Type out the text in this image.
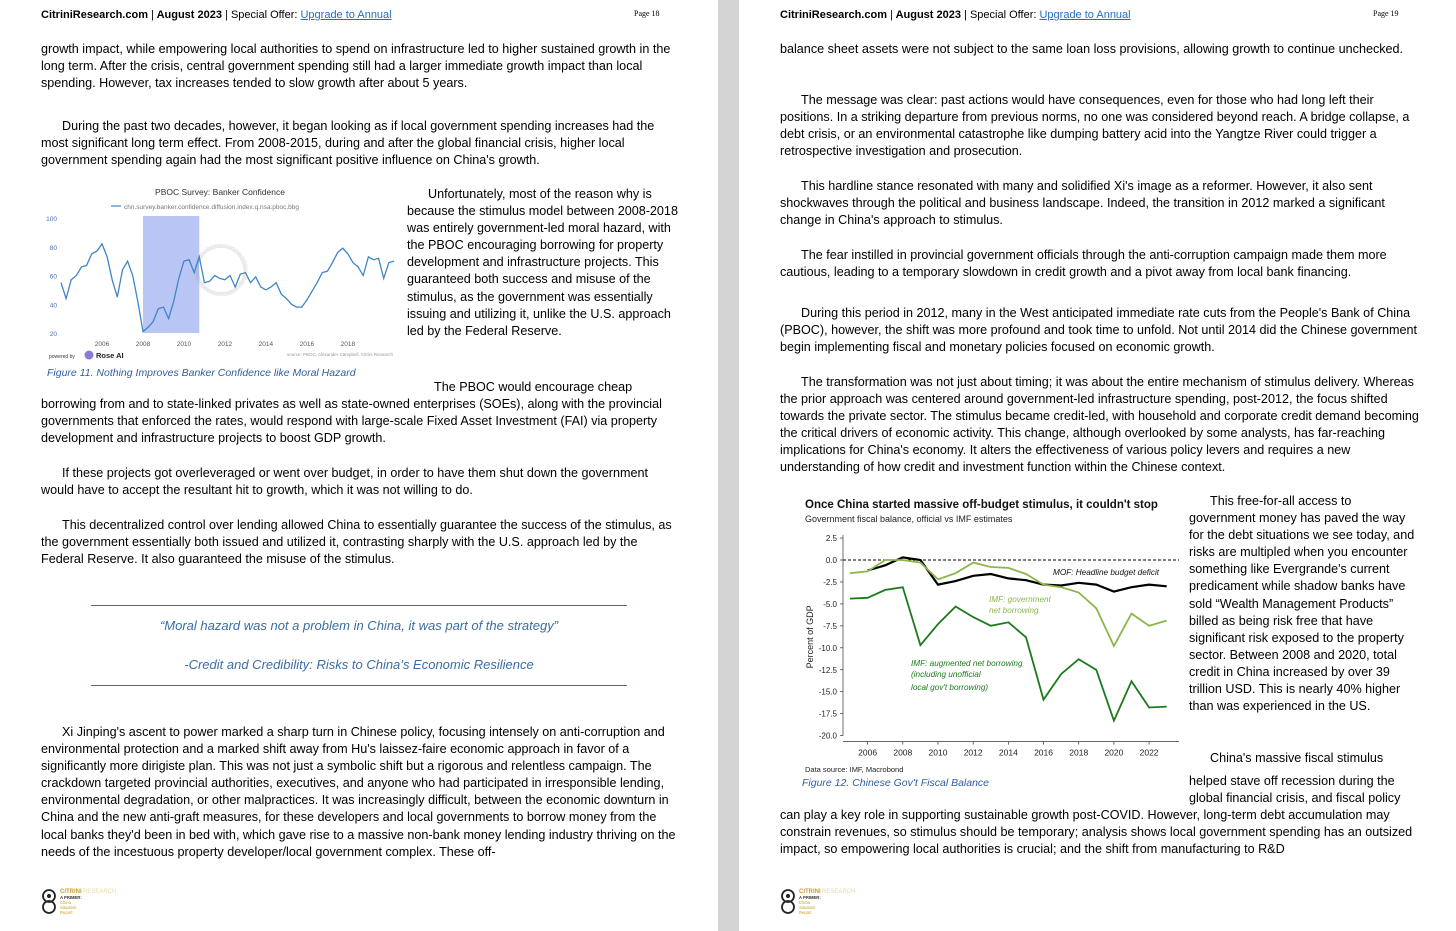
CitriniResearch.com | August 2023 | Special Offer: Upgrade to Annual	Page 18
growth impact, while empowering local authorities to spend on infrastructure led to higher sustained growth in the long term. After the crisis, central government spending still had a larger immediate growth impact than local spending. However, tax increases tended to slow growth after about 5 years.
During the past two decades, however, it began looking as if local government spending increases had the most significant long term effect. From 2008-2015, during and after the global financial crisis, higher local government spending again had the most significant positive influence on China's growth.
PBOC Survey: Banker Confidence
chn.survey.banker.confidence.diffusion.index.q.nsa.pboc.bbg
20
40
60
80
100
2006	2008	2010	2012	2014	2016	2018
powered by	Rose AI	source: PBOC, Alexander Campbell, Citrini Research
Figure 11. Nothing Improves Banker Confidence like Moral Hazard
Unfortunately, most of the reason why is because the stimulus model between 2008-2018 was entirely government-led moral hazard, with the PBOC encouraging borrowing for property development and infrastructure projects. This guaranteed both success and misuse of the stimulus, as the government was essentially issuing and utilizing it, unlike the U.S. approach led by the Federal Reserve.
The PBOC would encourage cheap borrowing from and to state-linked privates as well as state-owned enterprises (SOEs), along with the provincial governments that enforced the rates, would respond with large-scale Fixed Asset Investment (FAI) via property development and infrastructure projects to boost GDP growth.
If these projects got overleveraged or went over budget, in order to have them shut down the government would have to accept the resultant hit to growth, which it was not willing to do.
This decentralized control over lending allowed China to essentially guarantee the success of the stimulus, as the government essentially both issued and utilized it, contrasting sharply with the U.S. approach led by the Federal Reserve. It also guaranteed the misuse of the stimulus.
“Moral hazard was not a problem in China, it was part of the strategy”
-Credit and Credibility: Risks to China’s Economic Resilience
Xi Jinping's ascent to power marked a sharp turn in Chinese policy, focusing intensely on anti-corruption and environmental protection and a marked shift away from Hu's laissez-faire economic approach in favor of a significantly more dirigiste plan. This was not just a symbolic shift but a rigorous and relentless campaign. The crackdown targeted provincial authorities, executives, and anyone who had participated in irresponsible lending, environmental degradation, or other malpractices. It was increasingly difficult, between the economic downturn in China and the new anti-graft measures, for these developers and local governments to borrow money from the local banks they'd been in bed with, which gave rise to a massive non-bank money lending industry thriving on the needs of the incestuous property developer/local government complex. These off-
CITRINI RESEARCH
A PRIMER:
China
Situation
Report
CitriniResearch.com | August 2023 | Special Offer: Upgrade to Annual	Page 19
balance sheet assets were not subject to the same loan loss provisions, allowing growth to continue unchecked.
The message was clear: past actions would have consequences, even for those who had long left their positions. In a striking departure from previous norms, no one was considered beyond reach. A bridge collapse, a debt crisis, or an environmental catastrophe like dumping battery acid into the Yangtze River could trigger a retrospective investigation and prosecution.
This hardline stance resonated with many and solidified Xi's image as a reformer. However, it also sent shockwaves through the political and business landscape. Indeed, the transition in 2012 marked a significant change in China's approach to stimulus.
The fear instilled in provincial government officials through the anti-corruption campaign made them more cautious, leading to a temporary slowdown in credit growth and a pivot away from local bank financing.
During this period in 2012, many in the West anticipated immediate rate cuts from the People's Bank of China (PBOC), however, the shift was more profound and took time to unfold. Not until 2014 did the Chinese government begin implementing fiscal and monetary policies focused on economic growth.
The transformation was not just about timing; it was about the entire mechanism of stimulus delivery. Whereas the prior approach was centered around government-led infrastructure spending, post-2012, the focus shifted towards the private sector. The stimulus became credit-led, with household and corporate credit demand becoming the critical drivers of economic activity. This change, although overlooked by some analysts, has far-reaching implications for China's economy. It alters the effectiveness of various policy levers and requires a new understanding of how credit and investment function within the Chinese context.
Once China started massive off-budget stimulus, it couldn't stop
Government fiscal balance, official vs IMF estimates
2.5
0.0
-2.5
-5.0
-7.5
-10.0
-12.5
-15.0
-17.5
-20.0
2006 2008 2010 2012 2014 2016 2018 2020 2022
Percent of GDP
MOF: Headline budget deficit
IMF: government
net borrowing
IMF: augmented net borrowing
(including unofficial
local gov't borrowing)
Data source: IMF, Macrobond
Figure 12. Chinese Gov't Fiscal Balance
This free-for-all access to government money has paved the way for the debt situations we see today, and risks are multipled when you encounter something like Evergrande's current predicament while shadow banks have sold “Wealth Management Products” billed as being risk free that have significant risk exposed to the property sector. Between 2008 and 2020, total credit in China increased by over 39 trillion USD. This is nearly 40% higher than was experienced in the US.
China's massive fiscal stimulus
helped stave off recession during the global financial crisis, and fiscal policy can play a key role in supporting sustainable growth post-COVID. However, long-term debt accumulation may constrain revenues, so stimulus should be temporary; analysis shows local government spending has an outsized impact, so empowering local authorities is crucial; and the shift from manufacturing to R&D
CITRINI RESEARCH
A PRIMER:
China
Situation
Report
